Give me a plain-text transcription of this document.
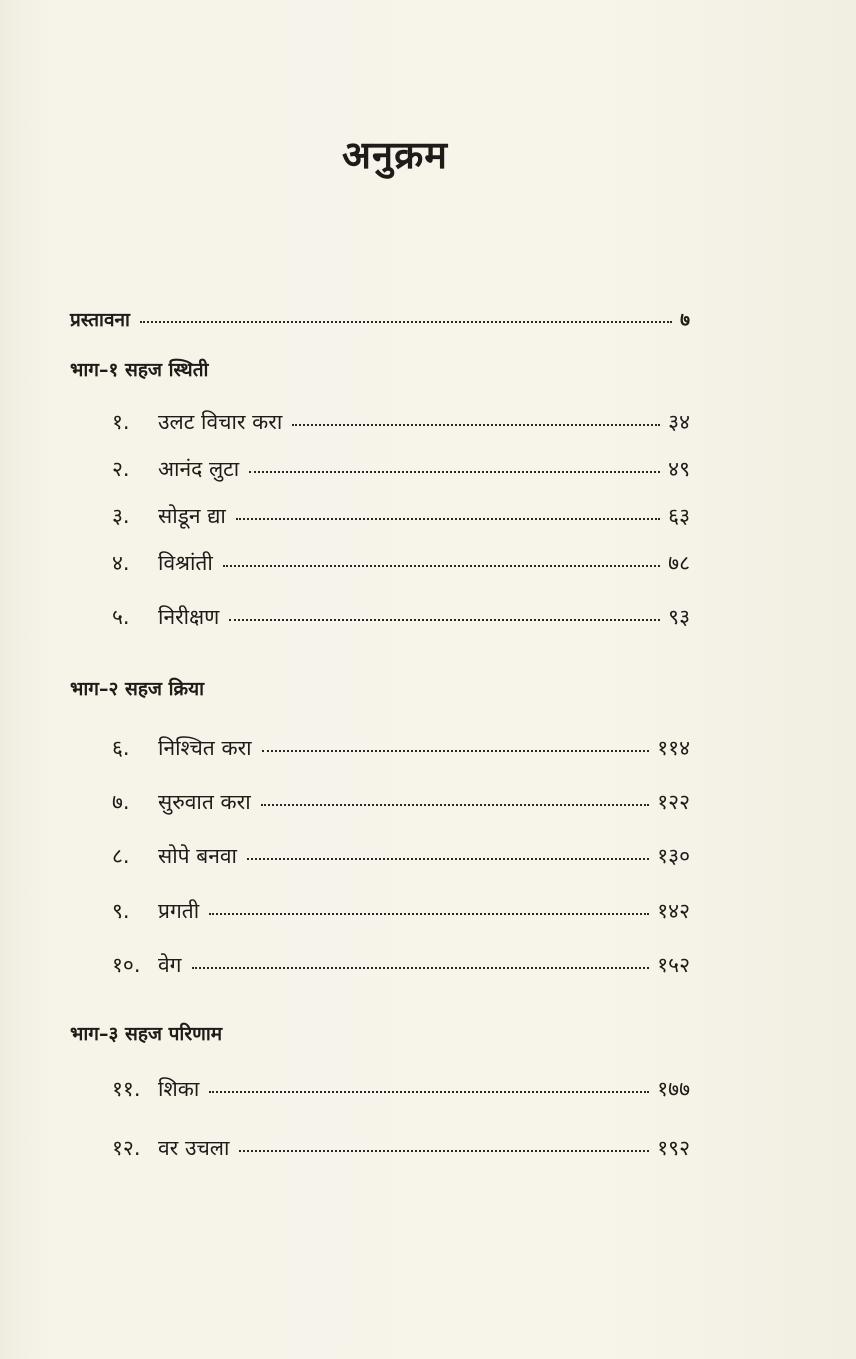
अनुक्रम
प्रस्तावना	७
भाग–१ सहज स्थिती
१.	उलट विचार करा	३४
२.	आनंद लुटा	४९
३.	सोडून द्या	६३
४.	विश्रांती	७८
५.	निरीक्षण	९३
भाग–२ सहज क्रिया
६.	निश्चित करा	११४
७.	सुरुवात करा	१२२
८.	सोपे बनवा	१३०
९.	प्रगती	१४२
१०. वेग	१५२
भाग–३ सहज परिणाम
११. शिका	१७७
१२. वर उचला	१९२
